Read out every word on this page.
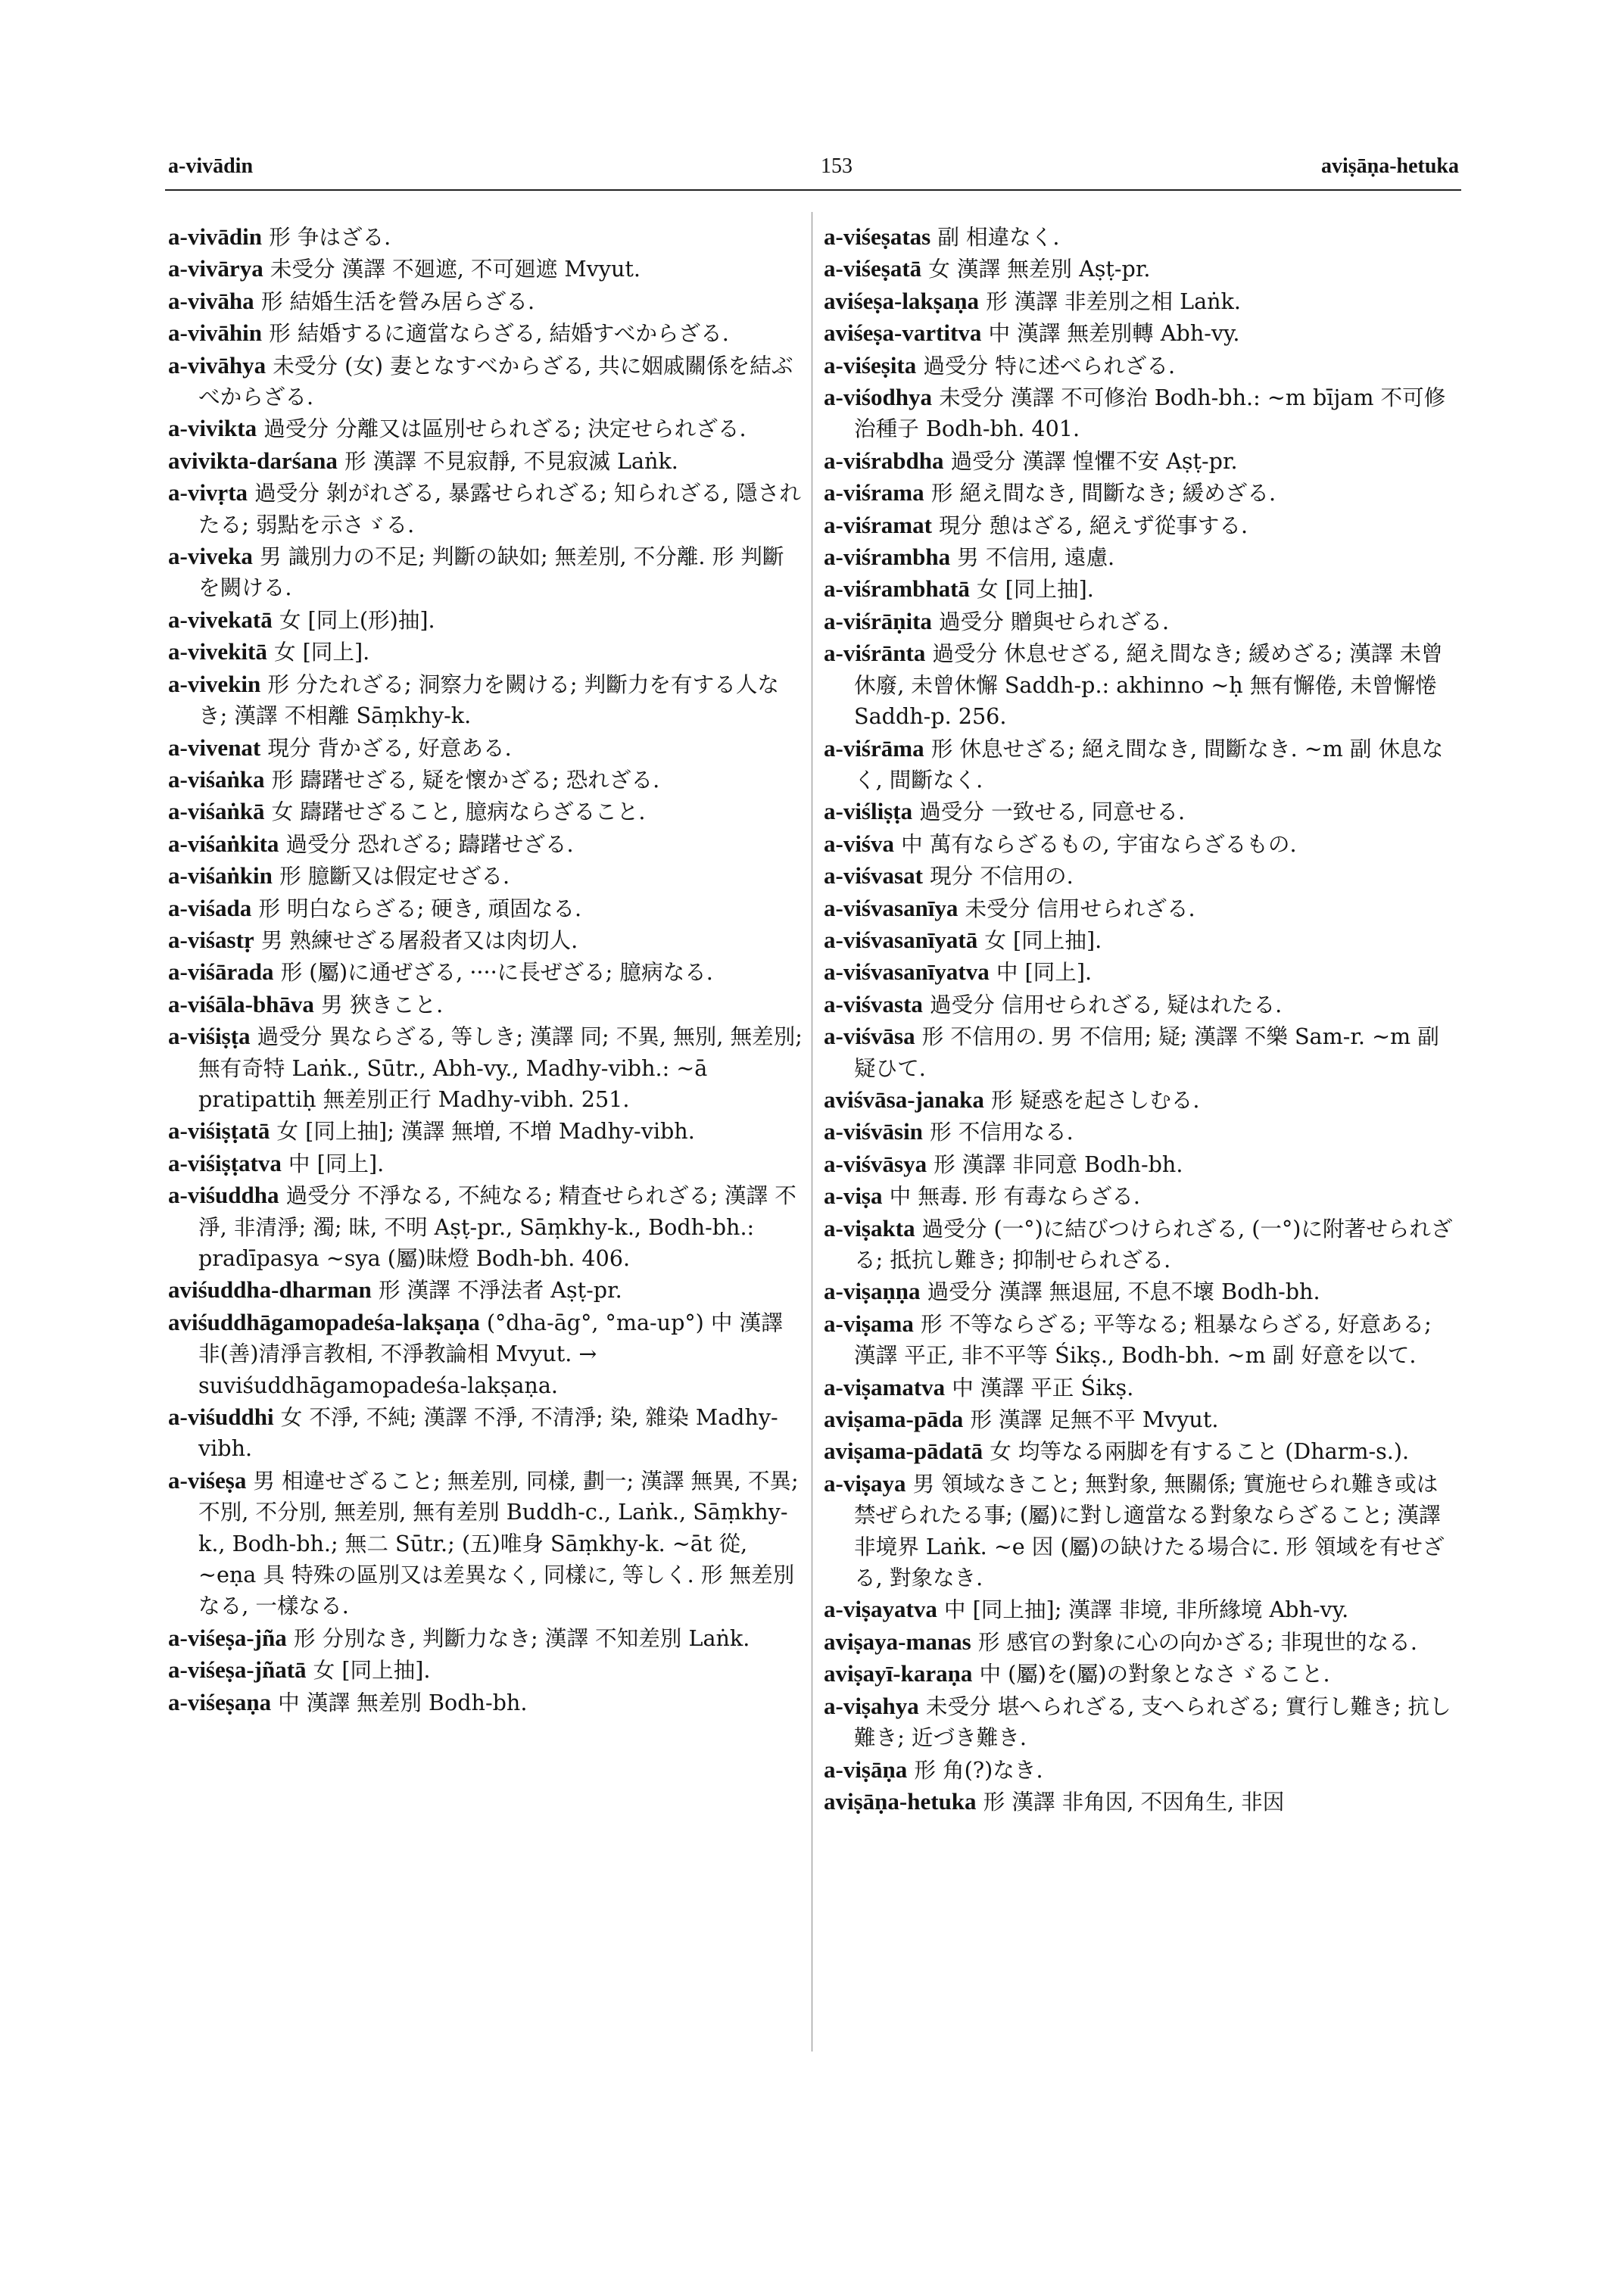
a-vivādin	153	aviṣāṇa-hetuka

a-vivādin 形 争はざる.

a-vivārya 未受分 漢譯 不廻遮, 不可廻遮 Mvyut.

a-vivāha 形 結婚生活を營み居らざる.

a-vivāhin 形 結婚するに適當ならざる, 結婚すべからざる.

a-vivāhya 未受分 (女) 妻となすべからざる, 共に姻戚關係を結ぶべからざる.

a-vivikta 過受分 分離又は區別せられざる; 決定せられざる.

avivikta-darśana 形 漢譯 不見寂靜, 不見寂滅 Laṅk.

a-vivṛta 過受分 剝がれざる, 暴露せられざる; 知られざる, 隱されたる; 弱點を示さゞる.

a-viveka 男 識別力の不足; 判斷の缺如; 無差別, 不分離. 形 判斷を闕ける.

a-vivekatā 女 [同上(形)抽].

a-vivekitā 女 [同上].

a-vivekin 形 分たれざる; 洞察力を闕ける; 判斷力を有する人なき; 漢譯 不相離 Sāṃkhy-k.

a-vivenat 現分 背かざる, 好意ある.

a-viśaṅka 形 躊躇せざる, 疑を懷かざる; 恐れざる.

a-viśaṅkā 女 躊躇せざること, 臆病ならざること.

a-viśaṅkita 過受分 恐れざる; 躊躇せざる.

a-viśaṅkin 形 臆斷又は假定せざる.

a-viśada 形 明白ならざる; 硬き, 頑固なる.

a-viśastṛ 男 熟練せざる屠殺者又は肉切人.

a-viśārada 形 (屬)に通ぜざる, ····に長ぜざる; 臆病なる.

a-viśāla-bhāva 男 狹きこと.

a-viśiṣṭa 過受分 異ならざる, 等しき; 漢譯 同; 不異, 無別, 無差別; 無有奇特 Laṅk., Sūtr., Abh-vy., Madhy-vibh.: ~ā pratipattiḥ 無差別正行 Madhy-vibh. 251.

a-viśiṣṭatā 女 [同上抽]; 漢譯 無増, 不増 Madhy-vibh.

a-viśiṣṭatva 中 [同上].

a-viśuddha 過受分 不淨なる, 不純なる; 精査せられざる; 漢譯 不淨, 非清淨; 濁; 昧, 不明 Aṣṭ-pr., Sāṃkhy-k., Bodh-bh.: pradīpasya ~sya (屬)昧燈 Bodh-bh. 406.

aviśuddha-dharman 形 漢譯 不淨法者 Aṣṭ-pr.

aviśuddhāgamopadeśa-lakṣaṇa (°dha-āg°, °ma-up°) 中 漢譯 非(善)清淨言教相, 不淨教論相 Mvyut. → suviśuddhāgamopadeśa-lakṣaṇa.

a-viśuddhi 女 不淨, 不純; 漢譯 不淨, 不清淨; 染, 雜染 Madhy-vibh.

a-viśeṣa 男 相違せざること; 無差別, 同樣, 劃一; 漢譯 無異, 不異; 不別, 不分別, 無差別, 無有差別 Buddh-c., Laṅk., Sāṃkhy-k., Bodh-bh.; 無二 Sūtr.; (五)唯身 Sāṃkhy-k. ~āt 從, ~eṇa 具 特殊の區別又は差異なく, 同樣に, 等しく. 形 無差別なる, 一樣なる.

a-viśeṣa-jña 形 分別なき, 判斷力なき; 漢譯 不知差別 Laṅk.

a-viśeṣa-jñatā 女 [同上抽].

a-viśeṣaṇa 中 漢譯 無差別 Bodh-bh.

a-viśeṣatas 副 相違なく.

a-viśeṣatā 女 漢譯 無差別 Aṣṭ-pr.

aviśeṣa-lakṣaṇa 形 漢譯 非差別之相 Laṅk.

aviśeṣa-vartitva 中 漢譯 無差別轉 Abh-vy.

a-viśeṣita 過受分 特に述べられざる.

a-viśodhya 未受分 漢譯 不可修治 Bodh-bh.: ~m bījam 不可修治種子 Bodh-bh. 401.

a-viśrabdha 過受分 漢譯 惶懼不安 Aṣṭ-pr.

a-viśrama 形 絕え間なき, 間斷なき; 緩めざる.

a-viśramat 現分 憩はざる, 絕えず從事する.

a-viśrambha 男 不信用, 遠慮.

a-viśrambhatā 女 [同上抽].

a-viśrāṇita 過受分 贈與せられざる.

a-viśrānta 過受分 休息せざる, 絕え間なき; 緩めざる; 漢譯 未曾休廢, 未曾休懈 Saddh-p.: akhinno ~ḥ 無有懈倦, 未曾懈惓 Saddh-p. 256.

a-viśrāma 形 休息せざる; 絕え間なき, 間斷なき. ~m 副 休息なく, 間斷なく.

a-viśliṣṭa 過受分 一致せる, 同意せる.

a-viśva 中 萬有ならざるもの, 宇宙ならざるもの.

a-viśvasat 現分 不信用の.

a-viśvasanīya 未受分 信用せられざる.

a-viśvasanīyatā 女 [同上抽].

a-viśvasanīyatva 中 [同上].

a-viśvasta 過受分 信用せられざる, 疑はれたる.

a-viśvāsa 形 不信用の. 男 不信用; 疑; 漢譯 不樂 Sam-r. ~m 副 疑ひて.

aviśvāsa-janaka 形 疑惑を起さしむる.

a-viśvāsin 形 不信用なる.

a-viśvāsya 形 漢譯 非同意 Bodh-bh.

a-viṣa 中 無毒. 形 有毒ならざる.

a-viṣakta 過受分 (一°)に結びつけられざる, (一°)に附著せられざる; 抵抗し難き; 抑制せられざる.

a-viṣaṇṇa 過受分 漢譯 無退屈, 不息不壞 Bodh-bh.

a-viṣama 形 不等ならざる; 平等なる; 粗暴ならざる, 好意ある; 漢譯 平正, 非不平等 Śikṣ., Bodh-bh. ~m 副 好意を以て.

a-viṣamatva 中 漢譯 平正 Śikṣ.

aviṣama-pāda 形 漢譯 足無不平 Mvyut.

aviṣama-pādatā 女 均等なる兩脚を有すること (Dharm-s.).

a-viṣaya 男 領域なきこと; 無對象, 無關係; 實施せられ難き或は禁ぜられたる事; (屬)に對し適當なる對象ならざること; 漢譯 非境界 Laṅk. ~e 因 (屬)の缺けたる場合に. 形 領域を有せざる, 對象なき.

a-viṣayatva 中 [同上抽]; 漢譯 非境, 非所緣境 Abh-vy.

aviṣaya-manas 形 感官の對象に心の向かざる; 非現世的なる.

aviṣayī-karaṇa 中 (屬)を(屬)の對象となさゞること.

a-viṣahya 未受分 堪へられざる, 支へられざる; 實行し難き; 抗し難き; 近づき難き.

a-viṣāṇa 形 角(?)なき.

aviṣāṇa-hetuka 形 漢譯 非角因, 不因角生, 非因
